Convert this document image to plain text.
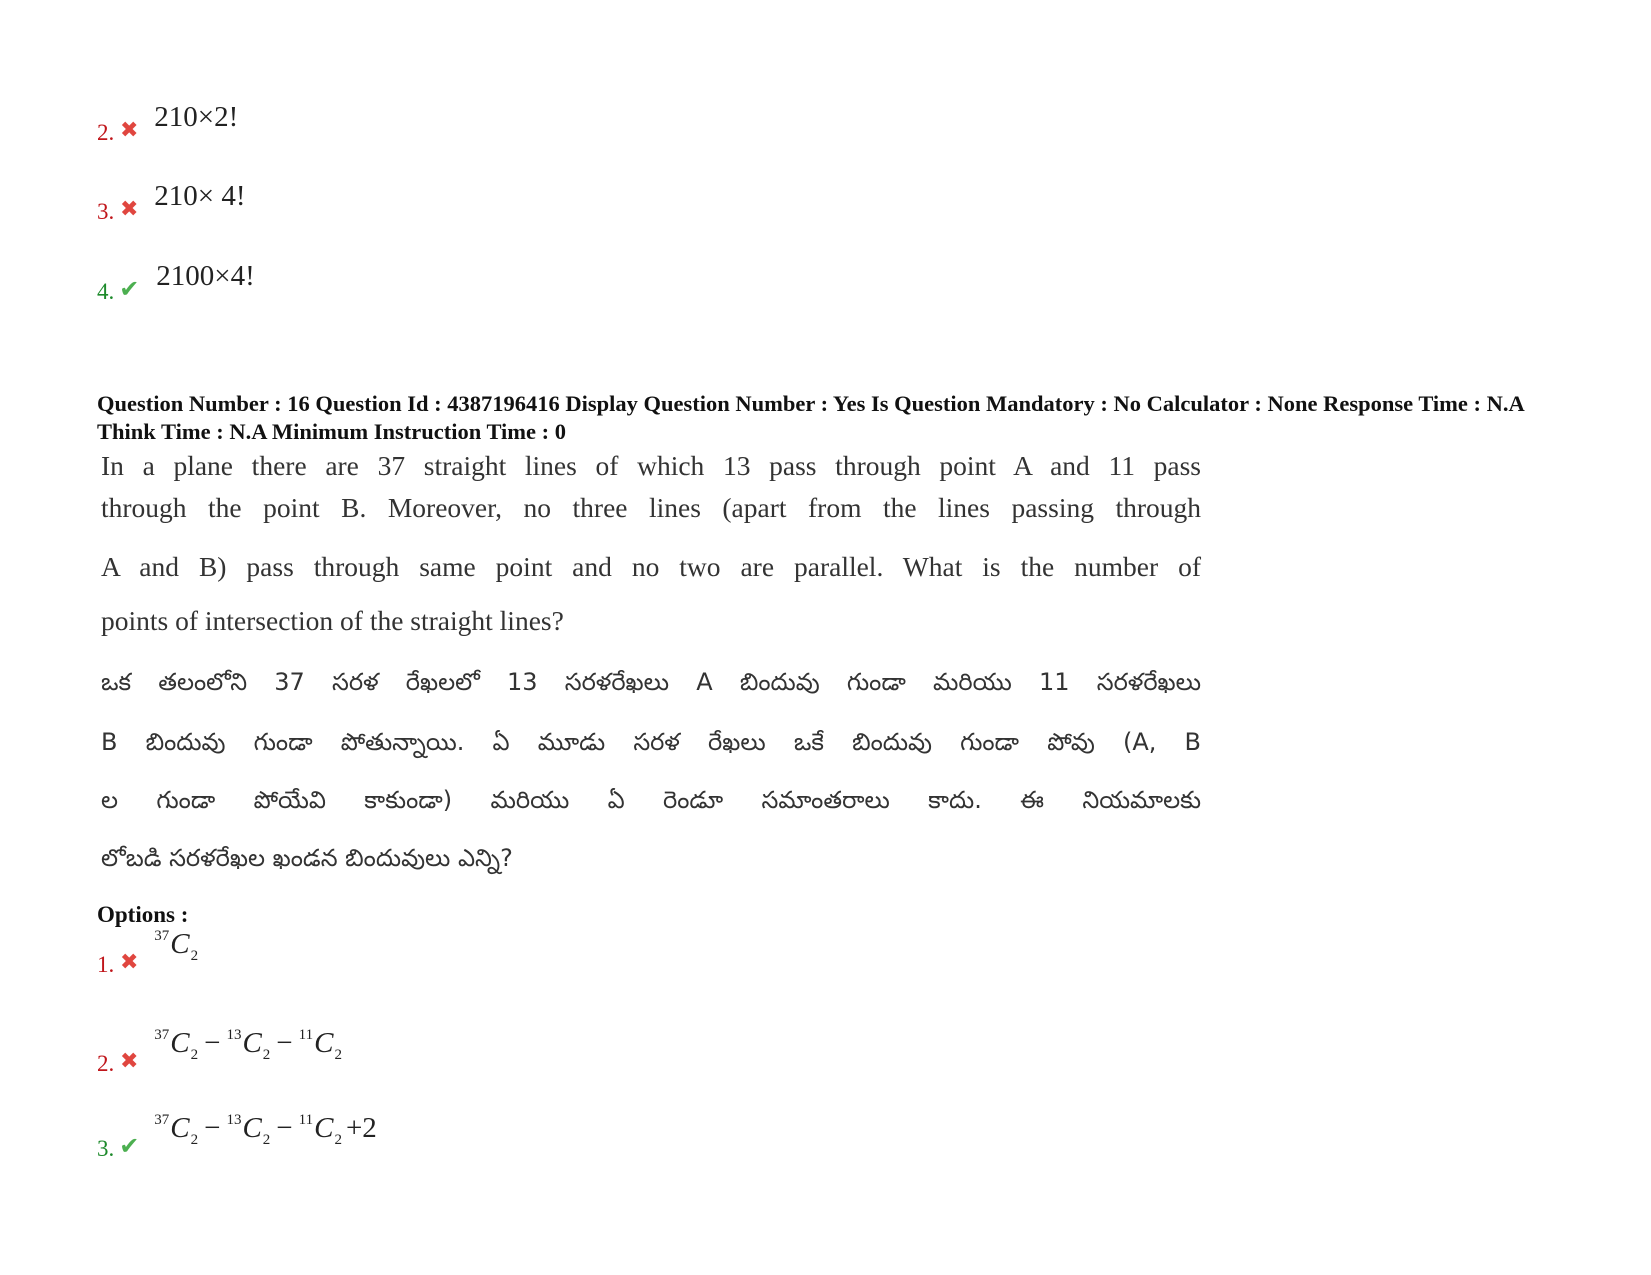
2. ✖ 210×2!
3. ✖ 210× 4!
4. ✔ 2100×4!
Question Number : 16 Question Id : 4387196416 Display Question Number : Yes Is Question Mandatory : No Calculator : None Response Time : N.A Think Time : N.A Minimum Instruction Time : 0
In a plane there are 37 straight lines of which 13 pass through point A and 11 pass
through the point B. Moreover, no three lines (apart from the lines passing through
A and B) pass through same point and no two are parallel. What is the number of
points of intersection of the straight lines?
ఒక తలంలోని 37 సరళ రేఖలలో 13 సరళరేఖలు A బిందువు గుండా మరియు 11 సరళరేఖలు
B బిందువు గుండా పోతున్నాయి. ఏ మూడు సరళ రేఖలు ఒకే బిందువు గుండా పోవు (A, B
ల గుండా పోయేవి కాకుండా) మరియు ఏ రెండూ సమాంతరాలు కాదు. ఈ నియమాలకు
లోబడి సరళరేఖల ఖండన బిందువులు ఎన్ని?
Options :
1. ✖
$^{37}C_2$
2. ✖
$^{37}C_2 - ^{13}C_2 - ^{11}C_2$
3. ✔
$^{37}C_2 - ^{13}C_2 - ^{11}C_2 +2$
